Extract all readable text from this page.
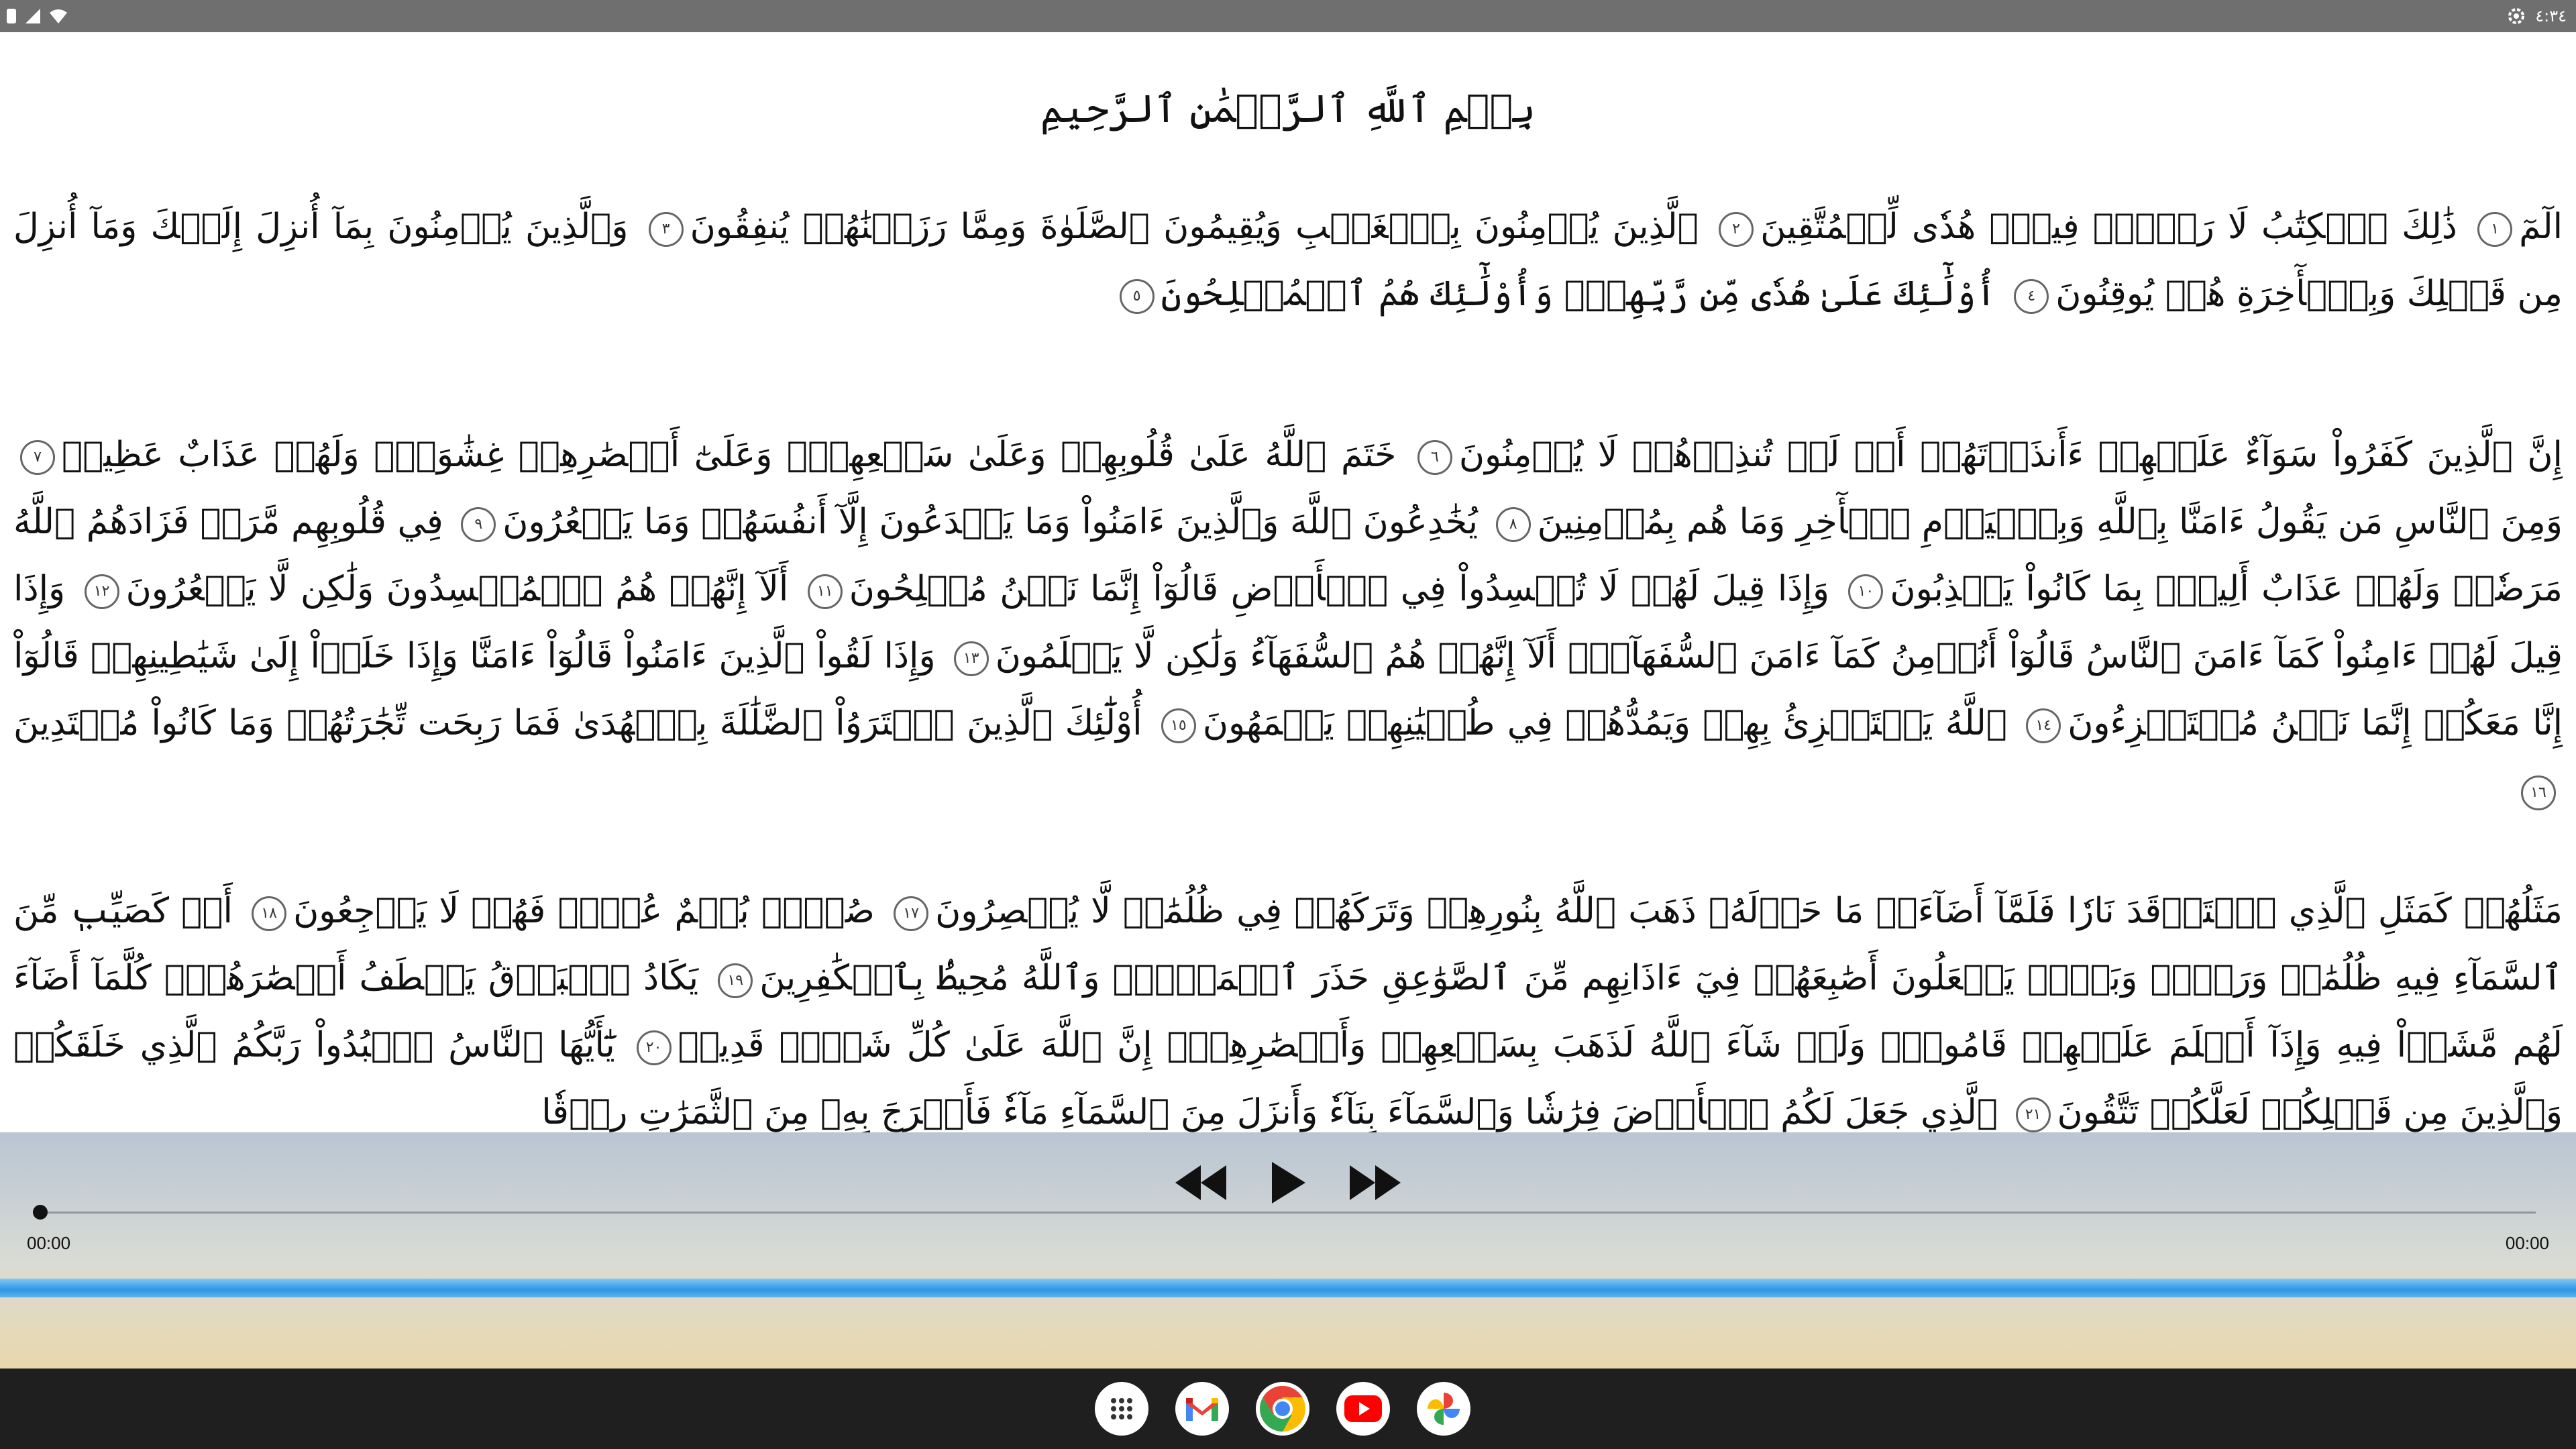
٤:٣٤
بِسۡمِ ٱللَّهِ ٱلرَّحۡمَٰنِ ٱلرَّحِيمِ
الٓمٓ١ ذَٰلِكَ ٱلۡكِتَٰبُ لَا رَيۡبَۛ فِيهِۛ هُدٗى لِّلۡمُتَّقِينَ٢ ٱلَّذِينَ يُؤۡمِنُونَ بِٱلۡغَيۡبِ وَيُقِيمُونَ ٱلصَّلَوٰةَ وَمِمَّا رَزَقۡنَٰهُمۡ يُنفِقُونَ٣ وَٱلَّذِينَ يُؤۡمِنُونَ بِمَآ أُنزِلَ إِلَيۡكَ وَمَآ أُنزِلَ مِن قَبۡلِكَ وَبِٱلۡأٓخِرَةِ هُمۡ يُوقِنُونَ٤ أُوْلَٰٓئِكَ عَلَىٰ هُدٗى مِّن رَّبِّهِمۡۖ وَأُوْلَٰٓئِكَ هُمُ ٱلۡمُفۡلِحُونَ٥
إِنَّ ٱلَّذِينَ كَفَرُواْ سَوَآءٌ عَلَيۡهِمۡ ءَأَنذَرۡتَهُمۡ أَمۡ لَمۡ تُنذِرۡهُمۡ لَا يُؤۡمِنُونَ٦ خَتَمَ ٱللَّهُ عَلَىٰ قُلُوبِهِمۡ وَعَلَىٰ سَمۡعِهِمۡۖ وَعَلَىٰٓ أَبۡصَٰرِهِمۡ غِشَٰوَةٞۖ وَلَهُمۡ عَذَابٌ عَظِيمٞ٧ وَمِنَ ٱلنَّاسِ مَن يَقُولُ ءَامَنَّا بِٱللَّهِ وَبِٱلۡيَوۡمِ ٱلۡأٓخِرِ وَمَا هُم بِمُؤۡمِنِينَ٨ يُخَٰدِعُونَ ٱللَّهَ وَٱلَّذِينَ ءَامَنُواْ وَمَا يَخۡدَعُونَ إِلَّآ أَنفُسَهُمۡ وَمَا يَشۡعُرُونَ٩ فِي قُلُوبِهِم مَّرَضٞ فَزَادَهُمُ ٱللَّهُ مَرَضٗاۖ وَلَهُمۡ عَذَابٌ أَلِيمُۢ بِمَا كَانُواْ يَكۡذِبُونَ١٠ وَإِذَا قِيلَ لَهُمۡ لَا تُفۡسِدُواْ فِي ٱلۡأَرۡضِ قَالُوٓاْ إِنَّمَا نَحۡنُ مُصۡلِحُونَ١١ أَلَآ إِنَّهُمۡ هُمُ ٱلۡمُفۡسِدُونَ وَلَٰكِن لَّا يَشۡعُرُونَ١٢ وَإِذَا قِيلَ لَهُمۡ ءَامِنُواْ كَمَآ ءَامَنَ ٱلنَّاسُ قَالُوٓاْ أَنُؤۡمِنُ كَمَآ ءَامَنَ ٱلسُّفَهَآءُۗ أَلَآ إِنَّهُمۡ هُمُ ٱلسُّفَهَآءُ وَلَٰكِن لَّا يَعۡلَمُونَ١٣ وَإِذَا لَقُواْ ٱلَّذِينَ ءَامَنُواْ قَالُوٓاْ ءَامَنَّا وَإِذَا خَلَوۡاْ إِلَىٰ شَيَٰطِينِهِمۡ قَالُوٓاْ إِنَّا مَعَكُمۡ إِنَّمَا نَحۡنُ مُسۡتَهۡزِءُونَ١٤ ٱللَّهُ يَسۡتَهۡزِئُ بِهِمۡ وَيَمُدُّهُمۡ فِي طُغۡيَٰنِهِمۡ يَعۡمَهُونَ١٥ أُوْلَٰٓئِكَ ٱلَّذِينَ ٱشۡتَرَوُاْ ٱلضَّلَٰلَةَ بِٱلۡهُدَىٰ فَمَا رَبِحَت تِّجَٰرَتُهُمۡ وَمَا كَانُواْ مُهۡتَدِينَ١٦
مَثَلُهُمۡ كَمَثَلِ ٱلَّذِي ٱسۡتَوۡقَدَ نَارٗا فَلَمَّآ أَضَآءَتۡ مَا حَوۡلَهُۥ ذَهَبَ ٱللَّهُ بِنُورِهِمۡ وَتَرَكَهُمۡ فِي ظُلُمَٰتٖ لَّا يُبۡصِرُونَ١٧ صُمُّۢ بُكۡمٌ عُمۡيٞ فَهُمۡ لَا يَرۡجِعُونَ١٨ أَوۡ كَصَيِّبٖ مِّنَ ٱلسَّمَآءِ فِيهِ ظُلُمَٰتٞ وَرَعۡدٞ وَبَرۡقٞ يَجۡعَلُونَ أَصَٰبِعَهُمۡ فِيٓ ءَاذَانِهِم مِّنَ ٱلصَّوَٰعِقِ حَذَرَ ٱلۡمَوۡتِۚ وَٱللَّهُ مُحِيطُۢ بِٱلۡكَٰفِرِينَ١٩ يَكَادُ ٱلۡبَرۡقُ يَخۡطَفُ أَبۡصَٰرَهُمۡۖ كُلَّمَآ أَضَآءَ لَهُم مَّشَوۡاْ فِيهِ وَإِذَآ أَظۡلَمَ عَلَيۡهِمۡ قَامُواْۚ وَلَوۡ شَآءَ ٱللَّهُ لَذَهَبَ بِسَمۡعِهِمۡ وَأَبۡصَٰرِهِمۡۚ إِنَّ ٱللَّهَ عَلَىٰ كُلِّ شَيۡءٖ قَدِيرٞ٢٠ يَٰٓأَيُّهَا ٱلنَّاسُ ٱعۡبُدُواْ رَبَّكُمُ ٱلَّذِي خَلَقَكُمۡ وَٱلَّذِينَ مِن قَبۡلِكُمۡ لَعَلَّكُمۡ تَتَّقُونَ٢١ ٱلَّذِي جَعَلَ لَكُمُ ٱلۡأَرۡضَ فِرَٰشٗا وَٱلسَّمَآءَ بِنَآءٗ وَأَنزَلَ مِنَ ٱلسَّمَآءِ مَآءٗ فَأَخۡرَجَ بِهِۦ مِنَ ٱلثَّمَرَٰتِ رِزۡقٗا
00:00	00:00
